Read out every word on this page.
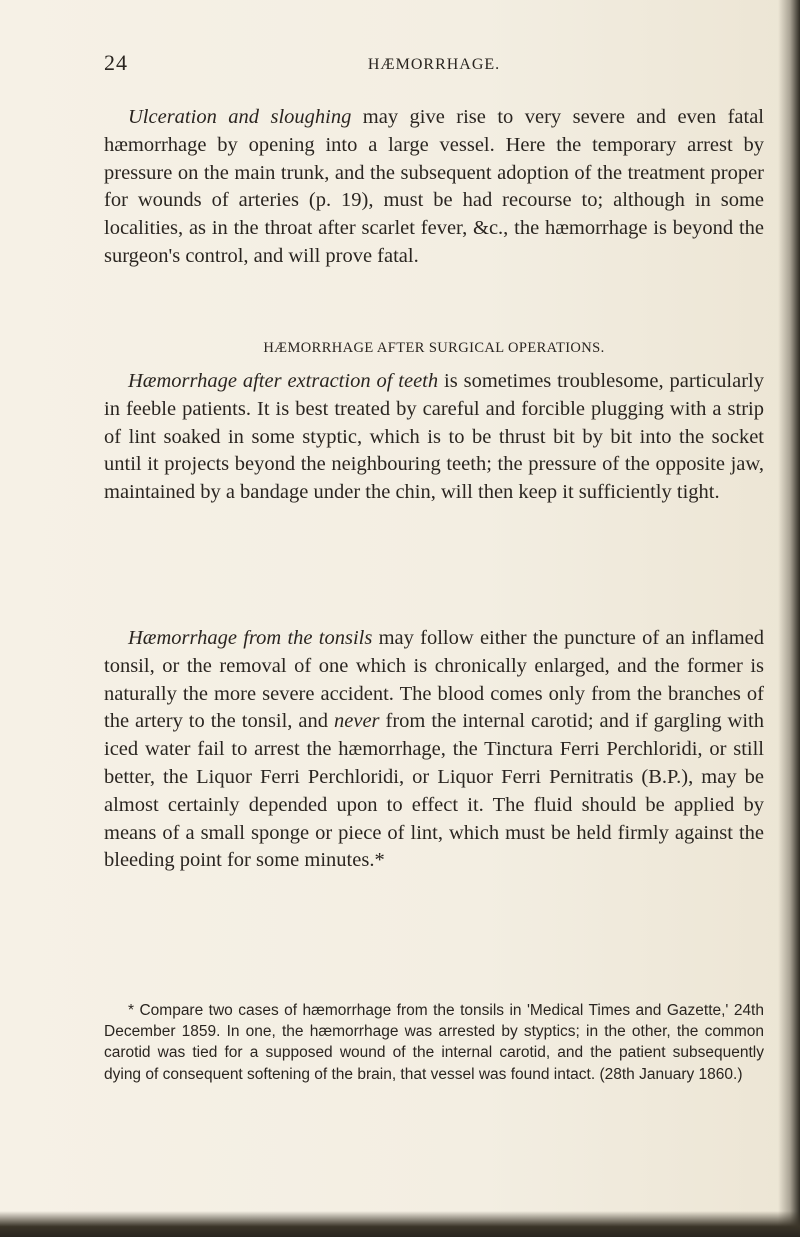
24	HÆMORRHAGE.

Ulceration and sloughing may give rise to very severe and even fatal hæmorrhage by opening into a large vessel. Here the temporary arrest by pressure on the main trunk, and the subsequent adoption of the treatment proper for wounds of arteries (p. 19), must be had recourse to; although in some localities, as in the throat after scarlet fever, &c., the hæmorrhage is beyond the surgeon's control, and will prove fatal.

HÆMORRHAGE AFTER SURGICAL OPERATIONS.

Hæmorrhage after extraction of teeth is sometimes troublesome, particularly in feeble patients. It is best treated by careful and forcible plugging with a strip of lint soaked in some styptic, which is to be thrust bit by bit into the socket until it projects beyond the neighbouring teeth; the pressure of the opposite jaw, maintained by a bandage under the chin, will then keep it sufficiently tight.

Hæmorrhage from the tonsils may follow either the puncture of an inflamed tonsil, or the removal of one which is chronically enlarged, and the former is naturally the more severe accident. The blood comes only from the branches of the artery to the tonsil, and never from the internal carotid; and if gargling with iced water fail to arrest the hæmorrhage, the Tinctura Ferri Perchloridi, or still better, the Liquor Ferri Perchloridi, or Liquor Ferri Pernitratis (B.P.), may be almost certainly depended upon to effect it. The fluid should be applied by means of a small sponge or piece of lint, which must be held firmly against the bleeding point for some minutes.*

* Compare two cases of hæmorrhage from the tonsils in 'Medical Times and Gazette,' 24th December 1859. In one, the hæmorrhage was arrested by styptics; in the other, the common carotid was tied for a supposed wound of the internal carotid, and the patient subsequently dying of consequent softening of the brain, that vessel was found intact. (28th January 1860.)
